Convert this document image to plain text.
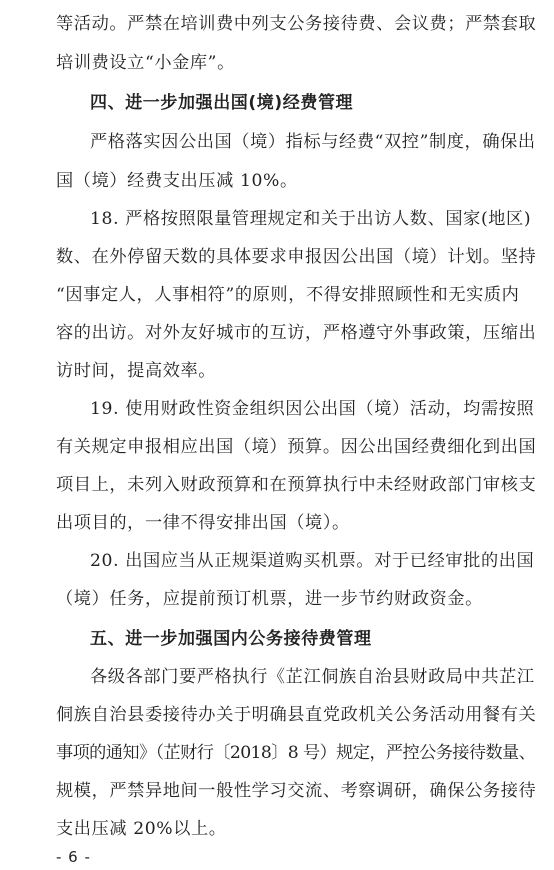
等活动。严禁在培训费中列支公务接待费、会议费；严禁套取
培训费设立“小金库”。
四、进一步加强出国(境)经费管理
严格落实因公出国（境）指标与经费“双控”制度，确保出
国（境）经费支出压减 10%。
18. 严格按照限量管理规定和关于出访人数、国家(地区)
数、在外停留天数的具体要求申报因公出国（境）计划。坚持
“因事定人，人事相符”的原则，不得安排照顾性和无实质内
容的出访。对外友好城市的互访，严格遵守外事政策，压缩出
访时间，提高效率。
19. 使用财政性资金组织因公出国（境）活动，均需按照
有关规定申报相应出国（境）预算。因公出国经费细化到出国
项目上，未列入财政预算和在预算执行中未经财政部门审核支
出项目的，一律不得安排出国（境）。
20. 出国应当从正规渠道购买机票。对于已经审批的出国
（境）任务，应提前预订机票，进一步节约财政资金。
五、进一步加强国内公务接待费管理
各级各部门要严格执行《芷江侗族自治县财政局中共芷江
侗族自治县委接待办关于明确县直党政机关公务活动用餐有关
事项的通知》（芷财行〔2018〕8 号）规定，严控公务接待数量、
规模，严禁异地间一般性学习交流、考察调研，确保公务接待
支出压减 20%以上。
- 6 -
